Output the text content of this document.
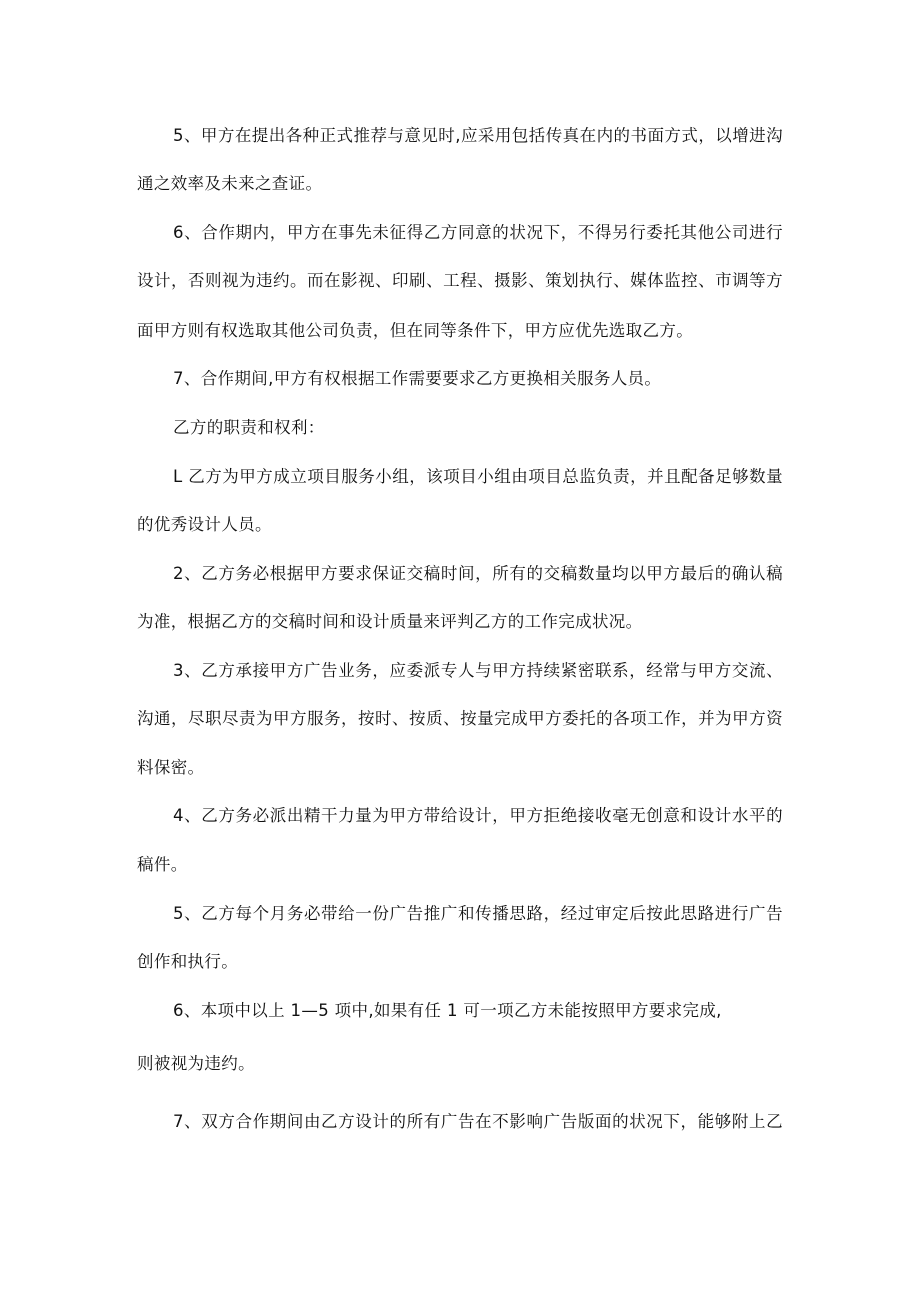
5、甲方在提出各种正式推荐与意见时,应采用包括传真在内的书面方式，以增进沟

通之效率及未来之查证。

6、合作期内，甲方在事先未征得乙方同意的状况下，不得另行委托其他公司进行

设计，否则视为违约。而在影视、印刷、工程、摄影、策划执行、媒体监控、市调等方

面甲方则有权选取其他公司负责，但在同等条件下，甲方应优先选取乙方。

7、合作期间,甲方有权根据工作需要要求乙方更换相关服务人员。

乙方的职责和权利：

L 乙方为甲方成立项目服务小组，该项目小组由项目总监负责，并且配备足够数量

的优秀设计人员。

2、乙方务必根据甲方要求保证交稿时间，所有的交稿数量均以甲方最后的确认稿

为准，根据乙方的交稿时间和设计质量来评判乙方的工作完成状况。

3、乙方承接甲方广告业务，应委派专人与甲方持续紧密联系，经常与甲方交流、

沟通，尽职尽责为甲方服务，按时、按质、按量完成甲方委托的各项工作，并为甲方资

料保密。

4、乙方务必派出精干力量为甲方带给设计，甲方拒绝接收毫无创意和设计水平的

稿件。

5、乙方每个月务必带给一份广告推广和传播思路，经过审定后按此思路进行广告

创作和执行。

6、本项中以上 1—5 项中,如果有任 1 可一项乙方未能按照甲方要求完成,

则被视为违约。

7、双方合作期间由乙方设计的所有广告在不影响广告版面的状况下，能够附上乙
